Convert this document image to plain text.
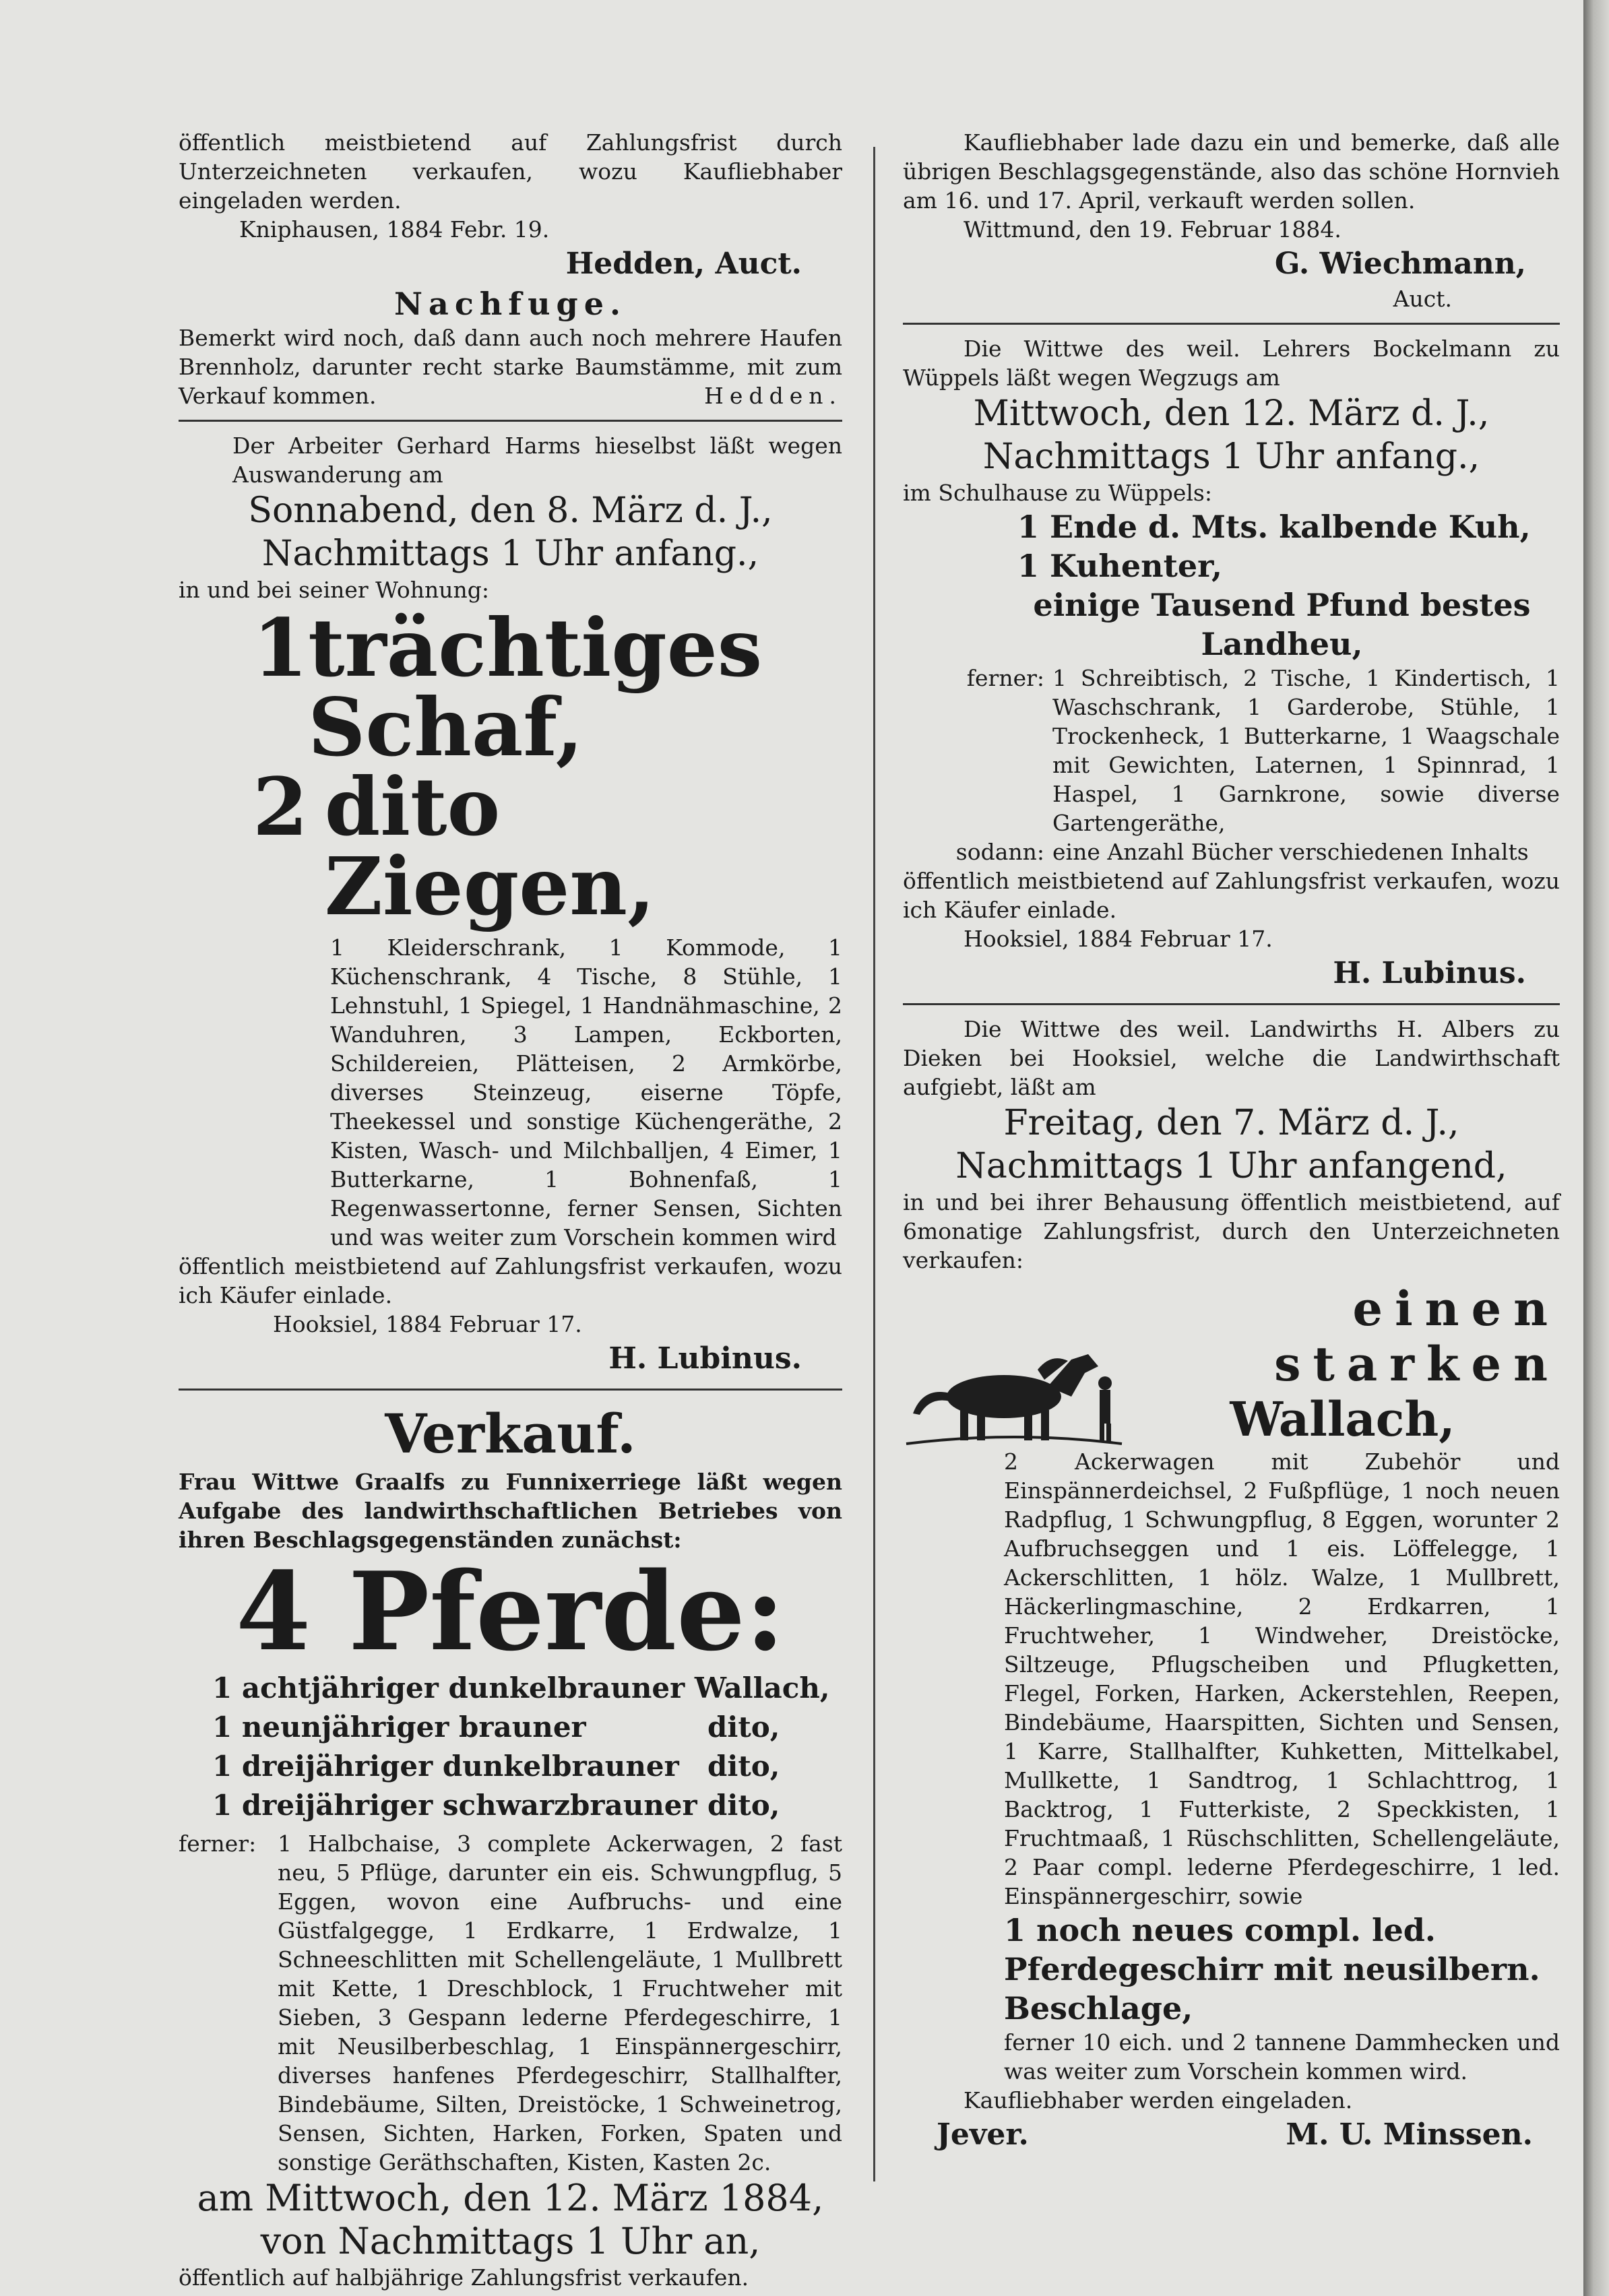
öffentlich meistbietend auf Zahlungsfrist durch Unterzeichneten verkaufen, wozu Kaufliebhaber eingeladen werden.

Kniphausen, 1884 Febr. 19.

Hedden, Auct.

Nachfuge.

Bemerkt wird noch, daß dann auch noch mehrere Haufen Brennholz, darunter recht starke Baumstämme, mit zum Verkauf kommen.	Hedden.

Der Arbeiter Gerhard Harms hieselbst läßt wegen Auswanderung am

Sonnabend, den 8. März d. J.,

Nachmittags 1 Uhr anfang.,

in und bei seiner Wohnung:

1 trächtiges Schaf,
2 dito Ziegen,

1 Kleiderschrank, 1 Kommode, 1 Küchenschrank, 4 Tische, 8 Stühle, 1 Lehnstuhl, 1 Spiegel, 1 Handnähmaschine, 2 Wanduhren, 3 Lampen, Eckborten, Schildereien, Plätteisen, 2 Armkörbe, diverses Steinzeug, eiserne Töpfe, Theekessel und sonstige Küchengeräthe, 2 Kisten, Wasch- und Milchballjen, 4 Eimer, 1 Butterkarne, 1 Bohnenfaß, 1 Regenwassertonne, ferner Sensen, Sichten und was weiter zum Vorschein kommen wird

öffentlich meistbietend auf Zahlungsfrist verkaufen, wozu ich Käufer einlade.

Hooksiel, 1884 Februar 17.

H. Lubinus.

Verkauf.

Frau Wittwe Graalfs zu Funnixerriege läßt wegen Aufgabe des landwirthschaftlichen Betriebes von ihren Beschlagsgegenständen zunächst:

4 Pferde:

1 achtjähriger dunkelbrauner Wallach,
1 neunjähriger brauner	dito,
1 dreijähriger dunkelbrauner	dito,
1 dreijähriger schwarzbrauner dito,
ferner: 1 Halbchaise, 3 complete Ackerwagen, 2 fast neu, 5 Pflüge, darunter ein eis. Schwungpflug, 5 Eggen, wovon eine Aufbruchs- und eine Güstfalgegge, 1 Erdkarre, 1 Erdwalze, 1 Schneeschlitten mit Schellengeläute, 1 Mullbrett mit Kette, 1 Dreschblock, 1 Fruchtweher mit Sieben, 3 Gespann lederne Pferdegeschirre, 1 mit Neusilberbeschlag, 1 Einspännergeschirr, diverses hanfenes Pferdegeschirr, Stallhalfter, Bindebäume, Silten, Dreistöcke, 1 Schweinetrog, Sensen, Sichten, Harken, Forken, Spaten und sonstige Geräthschaften, Kisten, Kasten 2c.

am Mittwoch, den 12. März 1884,

von Nachmittags 1 Uhr an,

öffentlich auf halbjährige Zahlungsfrist verkaufen.

Kaufliebhaber lade dazu ein und bemerke, daß alle übrigen Beschlagsgegenstände, also das schöne Hornvieh am 16. und 17. April, verkauft werden sollen.

Wittmund, den 19. Februar 1884.

G. Wiechmann,

Auct.

Die Wittwe des weil. Lehrers Bockelmann zu Wüppels läßt wegen Wegzugs am

Mittwoch, den 12. März d. J.,

Nachmittags 1 Uhr anfang.,

im Schulhause zu Wüppels:

1 Ende d. Mts. kalbende Kuh,

1 Kuhenter,

einige Tausend Pfund bestes Landheu,

ferner: 1 Schreibtisch, 2 Tische, 1 Kindertisch, 1 Waschschrank, 1 Garderobe, Stühle, 1 Trockenheck, 1 Butterkarne, 1 Waagschale mit Gewichten, Laternen, 1 Spinnrad, 1 Haspel, 1 Garnkrone, sowie diverse Gartengeräthe,

sodann: eine Anzahl Bücher verschiedenen Inhalts

öffentlich meistbietend auf Zahlungsfrist verkaufen, wozu ich Käufer einlade.

Hooksiel, 1884 Februar 17.

H. Lubinus.

Die Wittwe des weil. Landwirths H. Albers zu Dieken bei Hooksiel, welche die Landwirthschaft aufgiebt, läßt am

Freitag, den 7. März d. J.,

Nachmittags 1 Uhr anfangend,

in und bei ihrer Behausung öffentlich meistbietend, auf 6monatige Zahlungsfrist, durch den Unterzeichneten verkaufen:

einen starken

Wallach,

2 Ackerwagen mit Zubehör und Einspännerdeichsel, 2 Fußpflüge, 1 noch neuen Radpflug, 1 Schwungpflug, 8 Eggen, worunter 2 Aufbruchseggen und 1 eis. Löffelegge, 1 Ackerschlitten, 1 hölz. Walze, 1 Mullbrett, Häckerlingmaschine, 2 Erdkarren, 1 Fruchtweher, 1 Windweher, Dreistöcke, Siltzeuge, Pflugscheiben und Pflugketten, Flegel, Forken, Harken, Ackerstehlen, Reepen, Bindebäume, Haarspitten, Sichten und Sensen, 1 Karre, Stallhalfter, Kuhketten, Mittelkabel, Mullkette, 1 Sandtrog, 1 Schlachttrog, 1 Backtrog, 1 Futterkiste, 2 Speckkisten, 1 Fruchtmaaß, 1 Rüschschlitten, Schellengeläute, 2 Paar compl. lederne Pferdegeschirre, 1 led. Einspännergeschirr, sowie

1 noch neues compl. led. Pferdegeschirr mit neusilbern. Beschlage,

ferner 10 eich. und 2 tannene Dammhecken und was weiter zum Vorschein kommen wird.

Kaufliebhaber werden eingeladen.

Jever.	M. U. Minssen.
